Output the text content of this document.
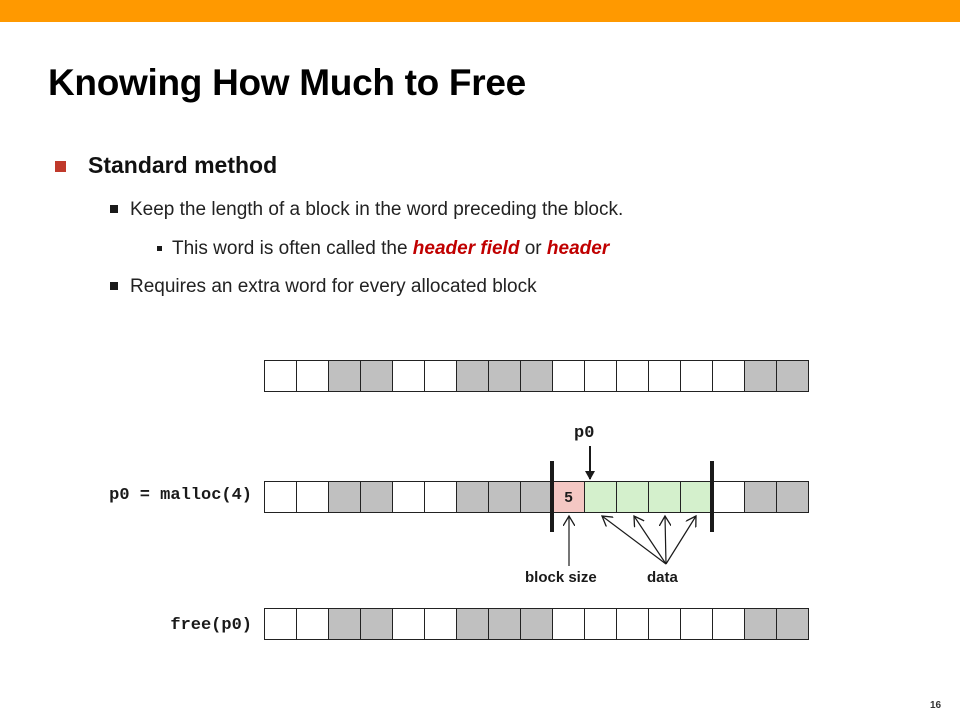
Knowing How Much to Free

Standard method

Keep the length of a block in the word preceding the block.

This word is often called the header field or header

Requires an extra word for every allocated block

p0 = malloc(4)
free(p0)
5
p0
block size	data
16
